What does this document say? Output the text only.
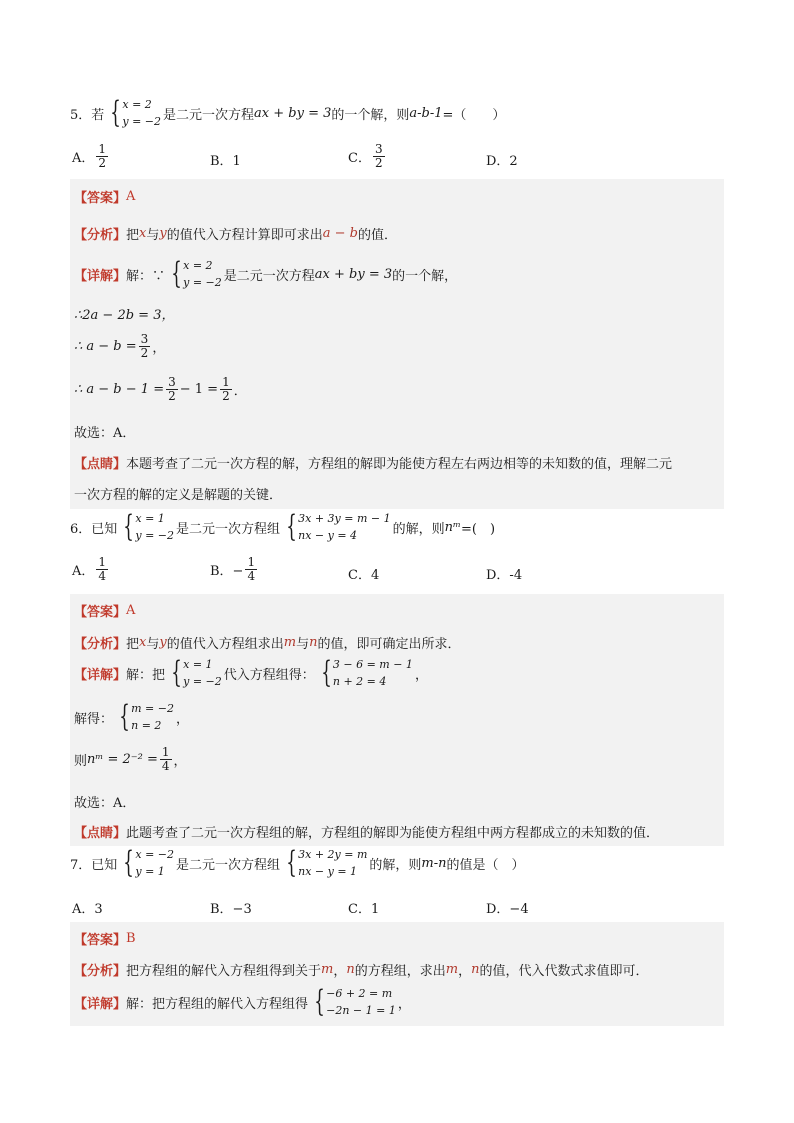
5．若 { x = 2
y = −2 是二元一次方程 ax + by = 3 的一个解，则 a-b-1 =（　　）
A． $\frac{1}{2}$	B．1	C． $\frac{3}{2}$	D．2
【答案】 A
【分析】 把 x 与 y 的值代入方程计算即可求出 a − b 的值．
【详解】 解：∵ { x = 2
y = −2 是二元一次方程 ax + by = 3 的一个解，
∴2a − 2b = 3，
∴ $a - b = \frac{3}{2}$ ，
∴ $a - b - 1 = \frac{3}{2} - 1 = \frac{1}{2}$ ．
故选：A．
【点睛】 本题考查了二元一次方程的解，方程组的解即为能使方程左右两边相等的未知数的值，理解二元
一次方程的解的定义是解题的关键．
6．已知 { x = 1
y = −2 是二元一次方程组 { 3x + 3y = m − 1
nx − y = 4	的解，则 nᵐ =(　)
A． $\frac{1}{4}$	B．− $\frac{1}{4}$	C．4	D．-4
【答案】 A
【分析】 把 x 与 y 的值代入方程组求出 m 与 n 的值，即可确定出所求．
【详解】 解：把 { x = 1
y = −2 代入方程组得： { 3 − 6 = m − 1
n + 2 = 4	，
解得： { m = −2
n = 2	，
则 nᵐ = $2^{-2} = \frac{1}{4}$ ，
故选：A．
【点睛】 此题考查了二元一次方程组的解，方程组的解即为能使方程组中两方程都成立的未知数的值．
7．已知 { x = −2
y = 1 是二元一次方程组 { 3x + 2y = m
nx − y = 1 的解，则 m-n 的值是（　）
A．3	B．−3	C．1	D．−4
【答案】 B
【分析】 把方程组的解代入方程组得到关于 m ， n 的方程组，求出 m ， n 的值，代入代数式求值即可．
【详解】 解：把方程组的解代入方程组得 { −6 + 2 = m
−2n − 1 = 1 ，
